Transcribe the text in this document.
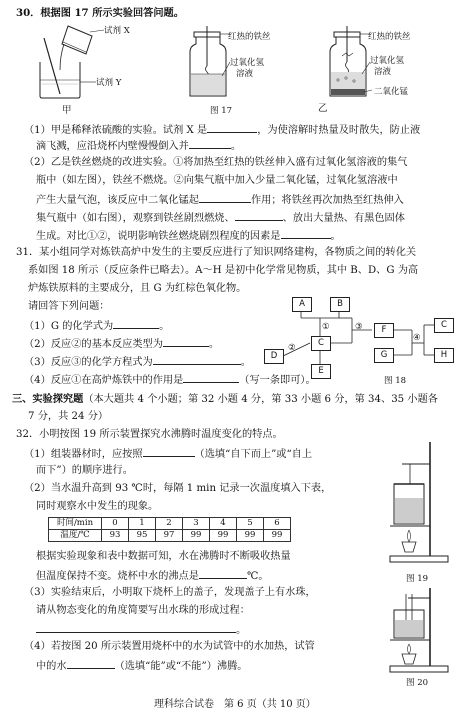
30．根据图 17 所示实验回答问题。
试剂 X
试剂 Y
甲
红热的铁丝
过氧化氢
溶液
图 17
红热的铁丝
过氧化氢
溶液
二氧化锰
乙
（1）甲是稀释浓硫酸的实验。试剂 X 是	，为使溶解时热量及时散失，防止液
滴飞溅，应沿烧杯内壁慢慢倒入并	。
（2）乙是铁丝燃烧的改进实验。①将加热至红热的铁丝伸入盛有过氧化氢溶液的集气
瓶中（如左图），铁丝不燃烧。②向集气瓶中加入少量二氧化锰，过氧化氢溶液中
产生大量气泡，该反应中二氧化锰起	作用；将铁丝再次加热至红热伸入
集气瓶中（如右图），观察到铁丝剧烈燃烧、	、放出大量热、有黑色固体
生成。对比①②，说明影响铁丝燃烧剧烈程度的因素是	。
31．某小组同学对炼铁高炉中发生的主要反应进行了知识网络建构，各物质之间的转化关
系如图 18 所示（反应条件已略去）。A～H 是初中化学常见物质，其中 B、D、G 为高
炉炼铁原料的主要成分，且 G 为红棕色氧化物。
请回答下列问题：
（1）G 的化学式为	。
（2）反应②的基本反应类型为	。
（3）反应③的化学方程式为	。
（4）反应①在高炉炼铁中的作用是	（写一条即可）。
A	B
C
D
E
F
G	H
C
①
②
③
④
图 18
三、实验探究题（本大题共 4 个小题；第 32 小题 4 分，第 33 小题 6 分，第 34、35 小题各
7 分，共 24 分）
32．小明按图 19 所示装置探究水沸腾时温度变化的特点。
（1）组装器材时，应按照	（选填“自下而上”或“自上
而下”）的顺序进行。
（2）当水温升高到 93 ℃时，每隔 1 min 记录一次温度填入下表，
同时观察水中发生的现象。
时间/min	0	1	2	3	4	5	6
温度/℃	93	95	97	99	99	99	99
根据实验现象和表中数据可知，水在沸腾时不断吸收热量
但温度保持不变。烧杯中水的沸点是	℃。
（3）实验结束后，小明取下烧杯上的盖子，发现盖子上有水珠，
请从物态变化的角度简要写出水珠的形成过程：
。
（4）若按图 20 所示装置用烧杯中的水为试管中的水加热，试管
中的水	（选填“能”或“不能”）沸腾。
图 19
图 20
理科综合试卷　第 6 页（共 10 页）
